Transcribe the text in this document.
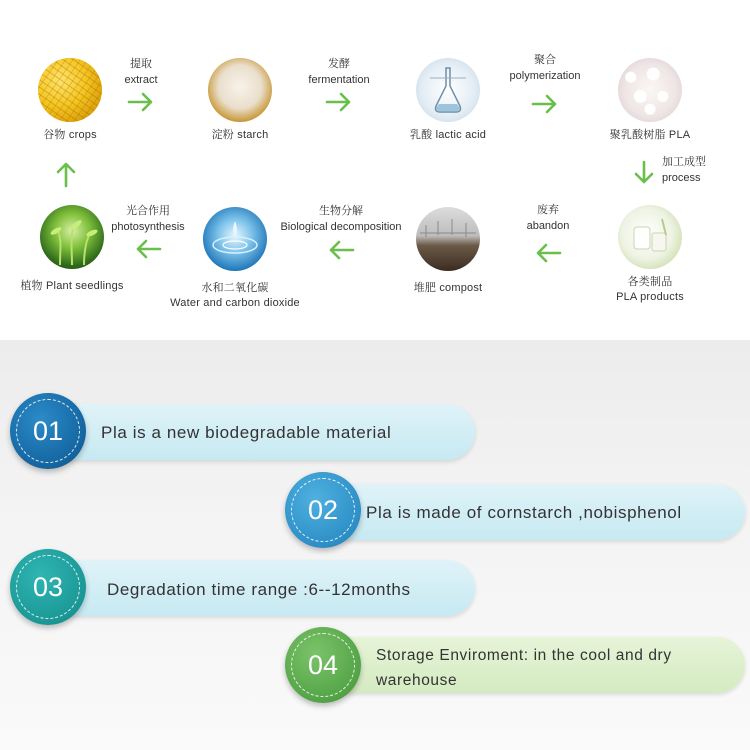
谷物 crops	淀粉 starch	乳酸 lactic acid	聚乳酸树脂 PLA
提取
extract
发酵
fermentation
聚合
polymerization
加工成型
process
植物 Plant seedlings	水和二氧化碳
Water and carbon dioxide
堆肥 compost	各类制品
PLA products
光合作用
photosynthesis
生物分解
Biological decomposition
废弃
abandon
Pla is a new biodegradable material
01
Pla is made of cornstarch ,nobisphenol
02
Degradation time range :6--12months
03
Storage Enviroment: in the cool and dry warehouse
04
